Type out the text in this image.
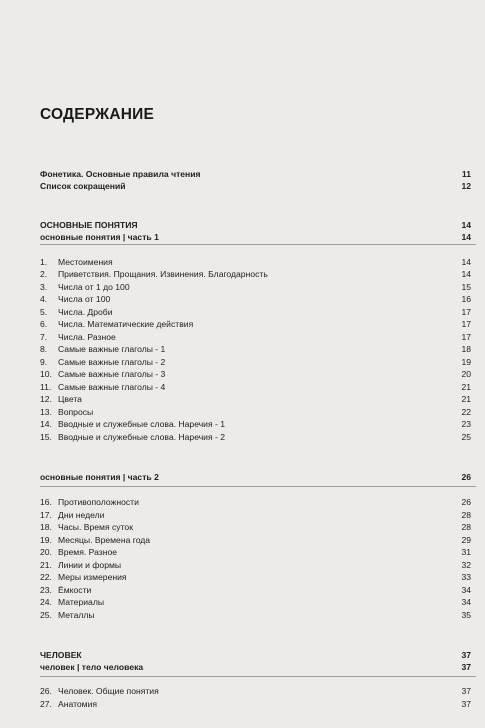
СОДЕРЖАНИЕ
Фонетика. Основные правила чтения	11
Список сокращений	12
ОСНОВНЫЕ ПОНЯТИЯ	14
основные понятия | часть 1	14
1. Местоимения	14
2. Приветствия. Прощания. Извинения. Благодарность	14
3. Числа от 1 до 100	15
4. Числа от 100	16
5. Числа. Дроби	17
6. Числа. Математические действия	17
7. Числа. Разное	17
8. Самые важные глаголы - 1	18
9. Самые важные глаголы - 2	19
10. Самые важные глаголы - 3	20
11. Самые важные глаголы - 4	21
12. Цвета	21
13. Вопросы	22
14. Вводные и служебные слова. Наречия - 1	23
15. Вводные и служебные слова. Наречия - 2	25
основные понятия | часть 2	26
16. Противоположности	26
17. Дни недели	28
18. Часы. Время суток	28
19. Месяцы. Времена года	29
20. Время. Разное	31
21. Линии и формы	32
22. Меры измерения	33
23. Ёмкости	34
24. Материалы	34
25. Металлы	35
ЧЕЛОВЕК	37
человек | тело человека	37
26. Человек. Общие понятия	37
27. Анатомия	37
